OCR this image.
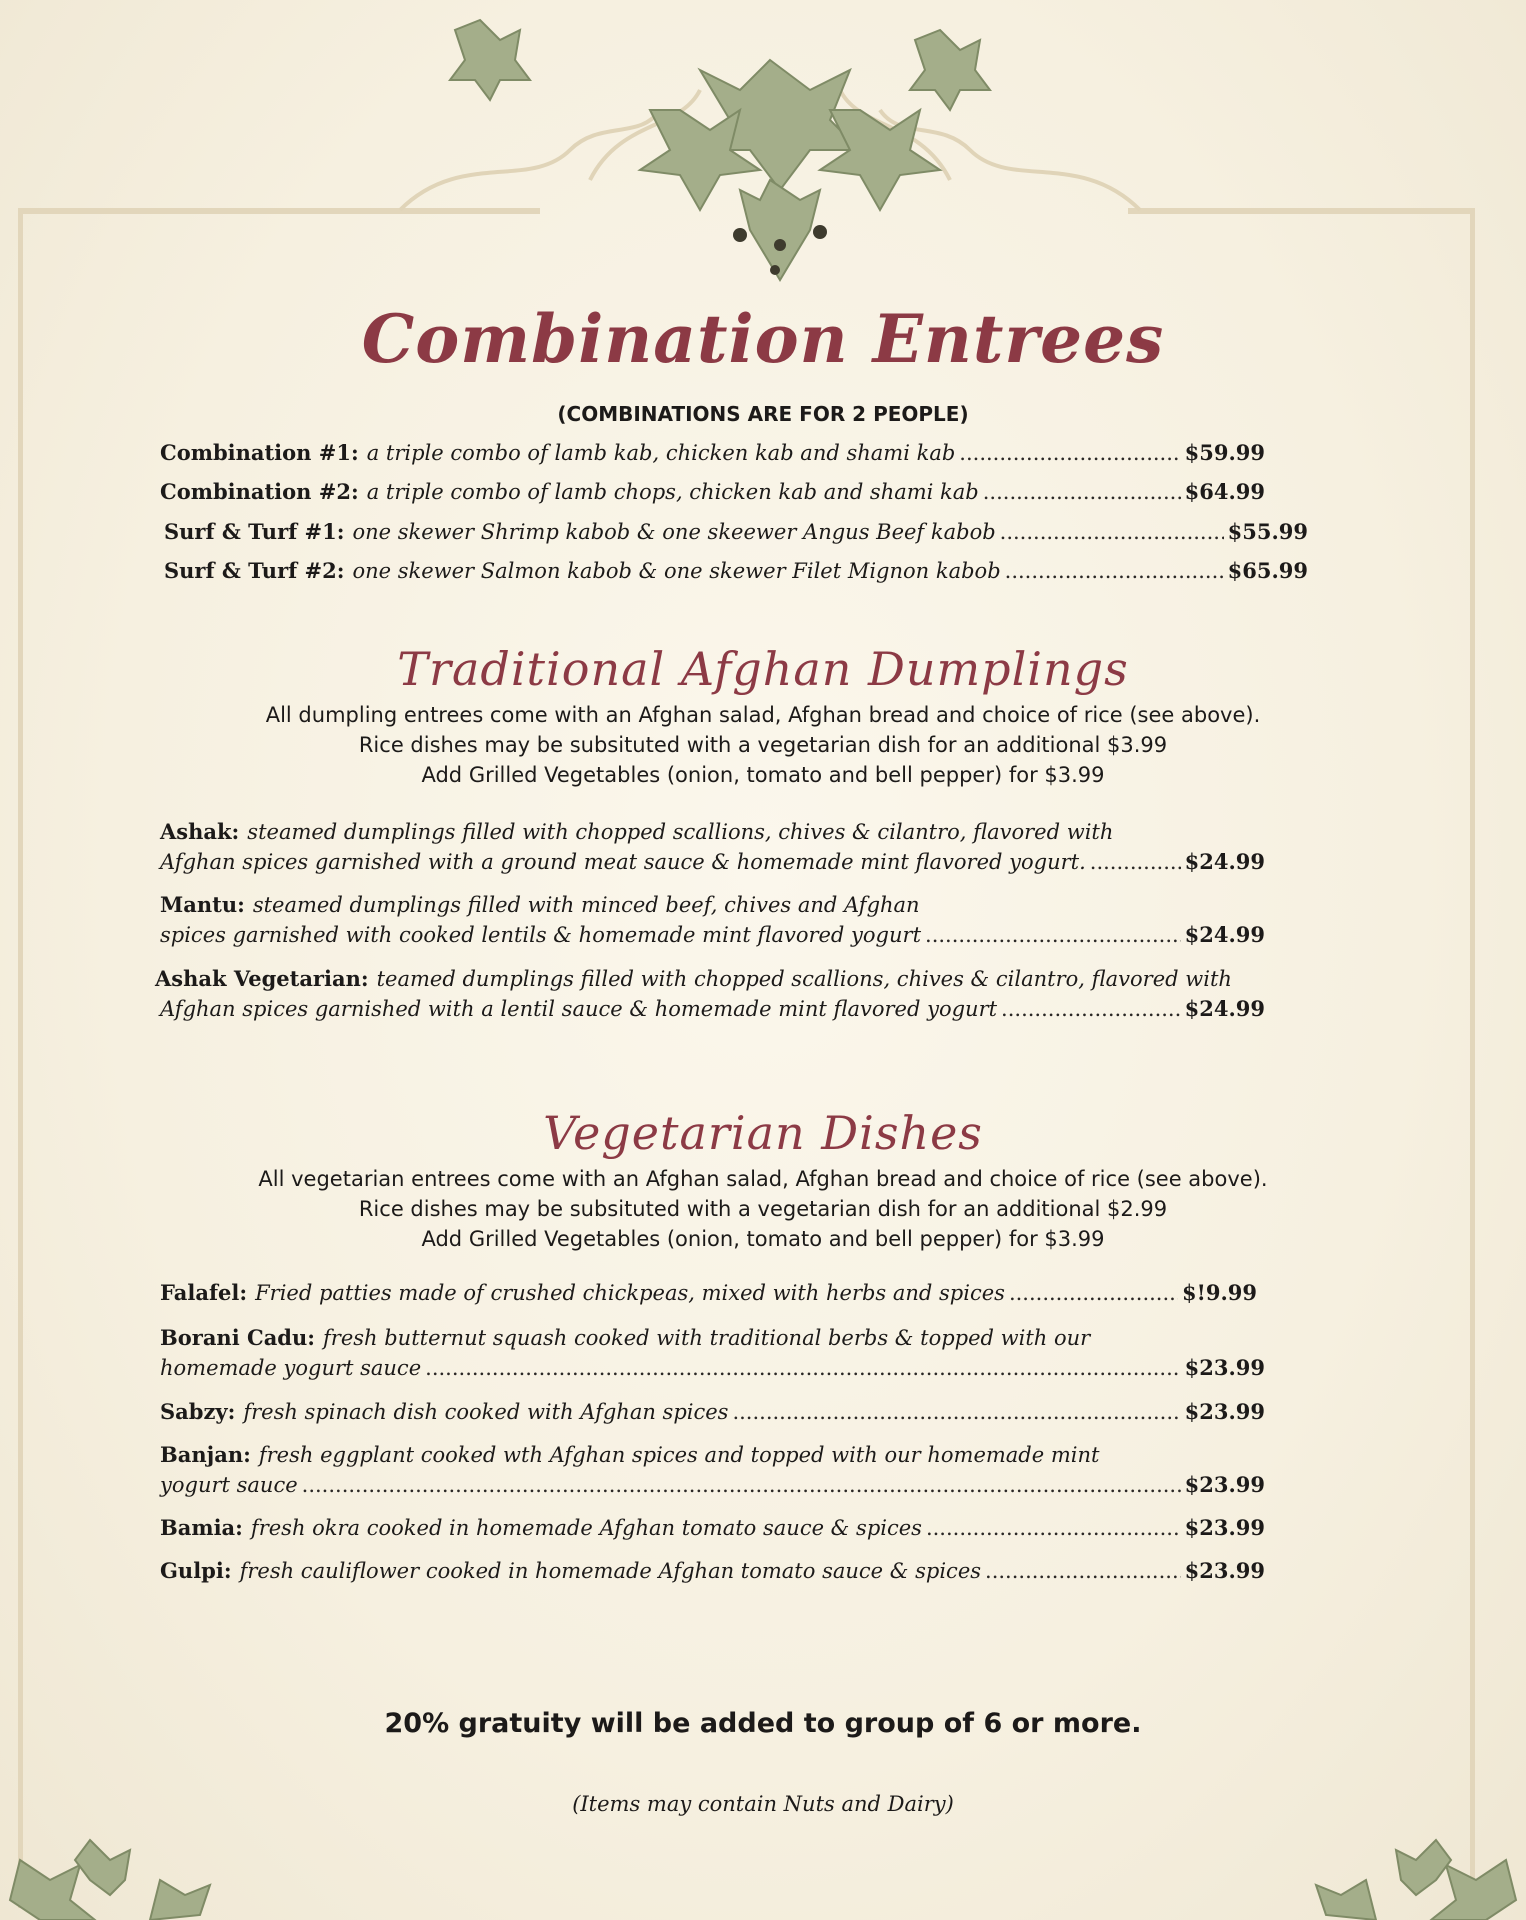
Combination Entrees
(COMBINATIONS ARE FOR 2 PEOPLE)
Combination #1: a triple combo of lamb kab, chicken kab and shami kab .....	$59.99
Combination #2: a triple combo of lamb chops, chicken kab and shami kab .....	$64.99
Surf & Turf #1: one skewer Shrimp kabob & one skeewer Angus Beef kabob .....	$55.99
Surf & Turf #2: one skewer Salmon kabob & one skewer Filet Mignon kabob .....	$65.99
Traditional Afghan Dumplings
All dumpling entrees come with an Afghan salad, Afghan bread and choice of rice (see above).
Rice dishes may be subsituted with a vegetarian dish for an additional $3.99
Add Grilled Vegetables (onion, tomato and bell pepper) for $3.99
Ashak: steamed dumplings filled with chopped scallions, chives & cilantro, flavored with
Afghan spices garnished with a ground meat sauce & homemade mint flavored yogurt. .....	$24.99
Mantu: steamed dumplings filled with minced beef, chives and Afghan
spices garnished with cooked lentils & homemade mint flavored yogurt .....	$24.99
Ashak Vegetarian: teamed dumplings filled with chopped scallions, chives & cilantro, flavored with
Afghan spices garnished with a lentil sauce & homemade mint flavored yogurt .....	$24.99
Vegetarian Dishes
All vegetarian entrees come with an Afghan salad, Afghan bread and choice of rice (see above).
Rice dishes may be subsituted with a vegetarian dish for an additional $2.99
Add Grilled Vegetables (onion, tomato and bell pepper) for $3.99
Falafel: Fried patties made of crushed chickpeas, mixed with herbs and spices .....	$!9.99
Borani Cadu: fresh butternut squash cooked with traditional berbs & topped with our
homemade yogurt sauce .....	$23.99
Sabzy: fresh spinach dish cooked with Afghan spices .....	$23.99
Banjan: fresh eggplant cooked wth Afghan spices and topped with our homemade mint
yogurt sauce .....	$23.99
Bamia: fresh okra cooked in homemade Afghan tomato sauce & spices .....	$23.99
Gulpi: fresh cauliflower cooked in homemade Afghan tomato sauce & spices .....	$23.99
20% gratuity will be added to group of 6 or more.
(Items may contain Nuts and Dairy)
